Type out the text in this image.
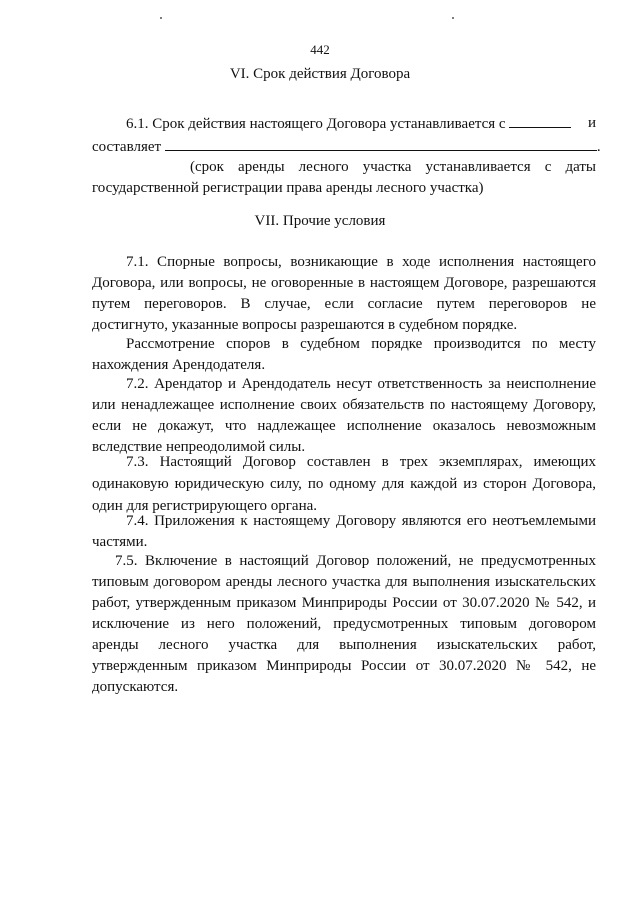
442
VI. Срок действия Договора
6.1. Срок действия настоящего Договора устанавливается с	и
составляет	.
(срок аренды лесного участка устанавливается с даты
государственной регистрации права аренды лесного участка)
VII. Прочие условия
7.1. Спорные вопросы, возникающие в ходе исполнения настоящего
Договора, или вопросы, не оговоренные в настоящем Договоре, разрешаются
путем переговоров. В случае, если согласие путем переговоров не
достигнуто, указанные вопросы разрешаются в судебном порядке.
Рассмотрение споров в судебном порядке производится по месту
нахождения Арендодателя.
7.2. Арендатор и Арендодатель несут ответственность за неисполнение
или ненадлежащее исполнение своих обязательств по настоящему Договору,
если не докажут, что надлежащее исполнение оказалось невозможным
вследствие непреодолимой силы.
7.3. Настоящий Договор составлен в трех экземплярах, имеющих
одинаковую юридическую силу, по одному для каждой из сторон Договора,
один для регистрирующего органа.
7.4. Приложения к настоящему Договору являются его неотъемлемыми
частями.
7.5. Включение в настоящий Договор положений, не предусмотренных
типовым договором аренды лесного участка для выполнения изыскательских
работ, утвержденным приказом Минприроды России от 30.07.2020 № 542, и
исключение из него положений, предусмотренных типовым договором
аренды лесного участка для выполнения изыскательских работ,
утвержденным приказом Минприроды России от 30.07.2020 № 542, не
допускаются.
